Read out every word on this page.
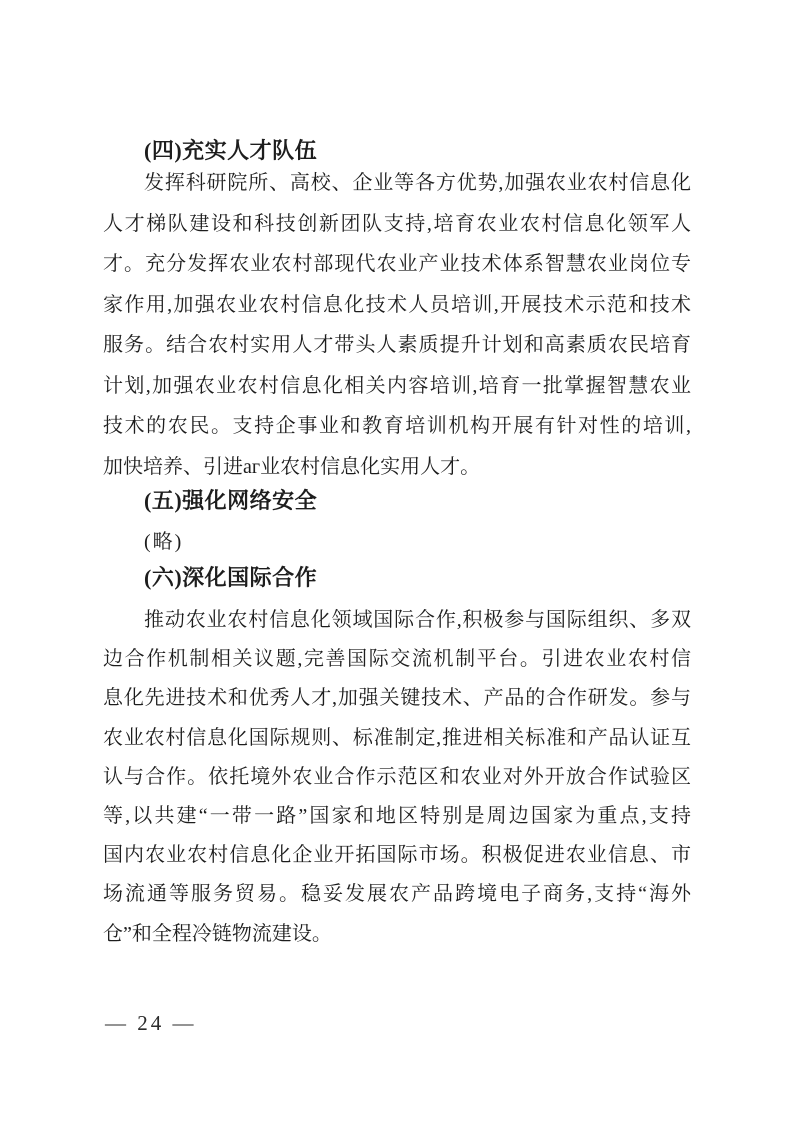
(四)充实人才队伍
发挥科研院所、高校、企业等各方优势,加强农业农村信息化
人才梯队建设和科技创新团队支持,培育农业农村信息化领军人
才。充分发挥农业农村部现代农业产业技术体系智慧农业岗位专
家作用,加强农业农村信息化技术人员培训,开展技术示范和技术
服务。结合农村实用人才带头人素质提升计划和高素质农民培育
计划,加强农业农村信息化相关内容培训,培育一批掌握智慧农业
技术的农民。支持企事业和教育培训机构开展有针对性的培训,
加快培养、引进аг业农村信息化实用人才。
(五)强化网络安全
(略)
(六)深化国际合作
推动农业农村信息化领域国际合作,积极参与国际组织、多双
边合作机制相关议题,完善国际交流机制平台。引进农业农村信
息化先进技术和优秀人才,加强关键技术、产品的合作研发。参与
农业农村信息化国际规则、标准制定,推进相关标准和产品认证互
认与合作。依托境外农业合作示范区和农业对外开放合作试验区
等,以共建“一带一路”国家和地区特别是周边国家为重点,支持
国内农业农村信息化企业开拓国际市场。积极促进农业信息、市
场流通等服务贸易。稳妥发展农产品跨境电子商务,支持“海外
仓”和全程冷链物流建设。
— 24 —
